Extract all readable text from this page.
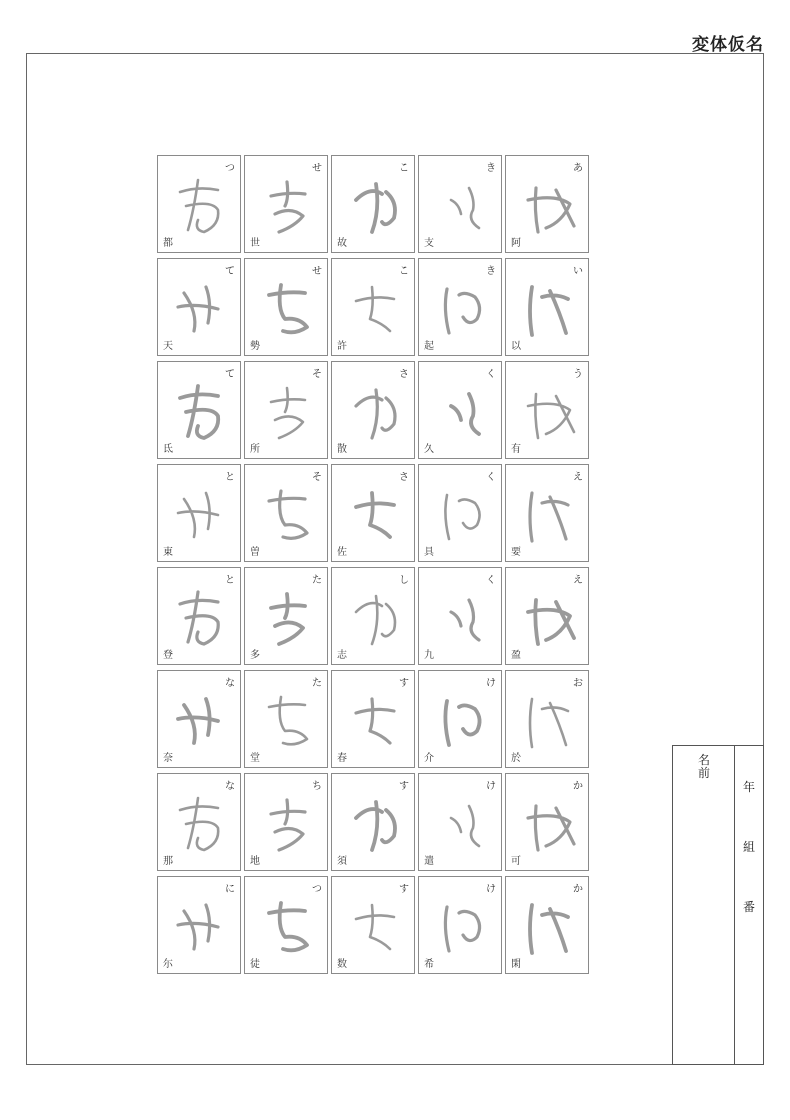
変体仮名
つ
都
せ
世
こ
故
き
支
あ
阿
て
天
せ
勢
こ
許
き
起
い
以
て
氐
そ
所
さ
散
く
久
う
有
と
東
そ
曽
さ
佐
く
具
え
要
と
登
た
多
し
志
く
九
え
盈
な
奈
た
堂
す
春
け
介
お
於
な
那
ち
地
す
須
け
遣
か
可
に
尓
つ
徒
す
数
け
希
か
閑
名前
年
組
番
